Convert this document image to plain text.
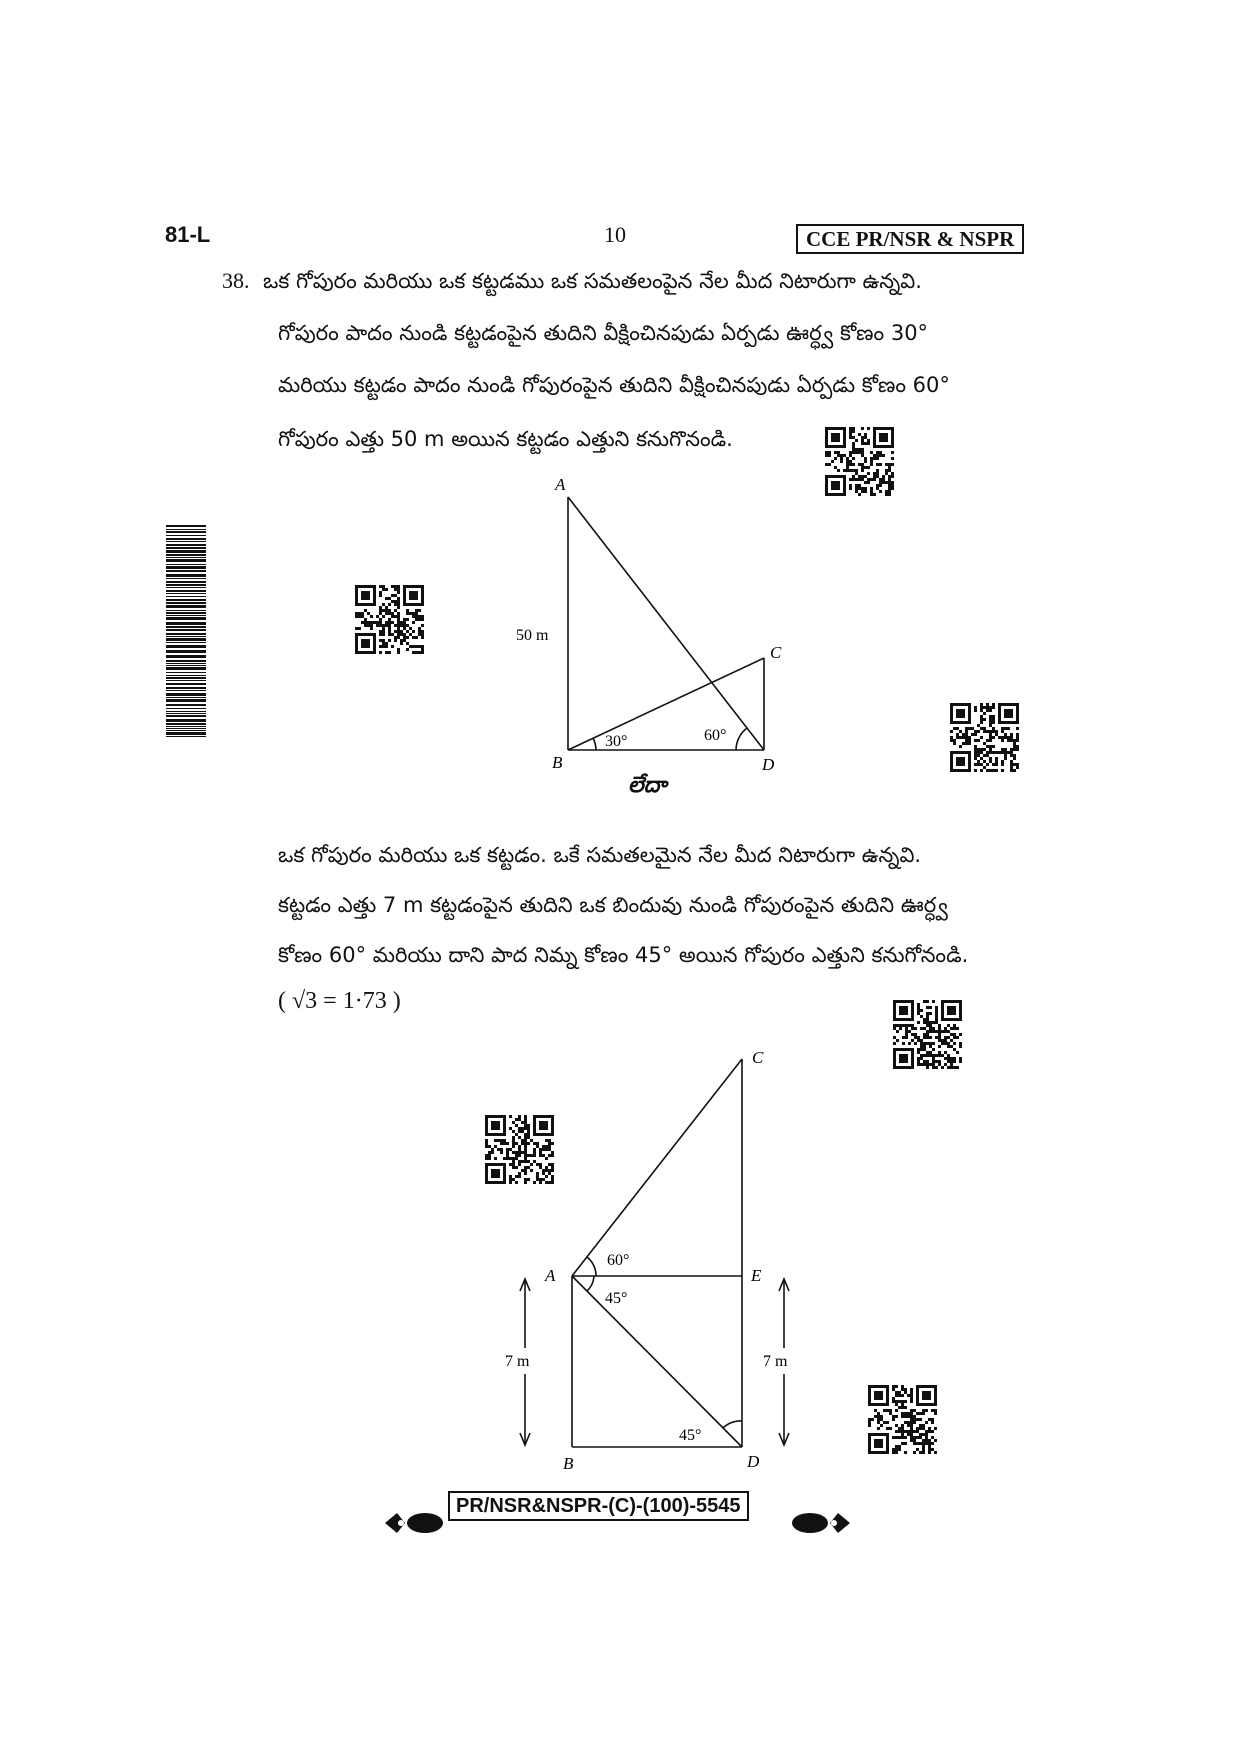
81-L	10	CCE PR/NSR & NSPR
38. ఒక గోపురం మరియు ఒక కట్టడము ఒక సమతలంపైన నేల మీద నిటారుగా ఉన్నవి.
గోపురం పాదం నుండి కట్టడంపైన తుదిని వీక్షించినపుడు ఏర్పడు ఊర్ధ్వ కోణం 30°
మరియు కట్టడం పాదం నుండి గోపురంపైన తుదిని వీక్షించినపుడు ఏర్పడు కోణం 60°
గోపురం ఎత్తు 50 m అయిన కట్టడం ఎత్తుని కనుగొనండి.
A
B
C
D
50 m
30°	60°
లేదా
ఒక గోపురం మరియు ఒక కట్టడం. ఒకే సమతలమైన నేల మీద నిటారుగా ఉన్నవి.
కట్టడం ఎత్తు 7 m కట్టడంపైన తుదిని ఒక బిందువు నుండి గోపురంపైన తుదిని ఊర్ధ్వ
కోణం 60° మరియు దాని పాద నిమ్న కోణం 45° అయిన గోపురం ఎత్తుని కనుగోనండి.
( √3 = 1·73 )
C
A	E
B	D
60°
45°
45°
7 m	7 m
PR/NSR&NSPR-(C)-(100)-5545
